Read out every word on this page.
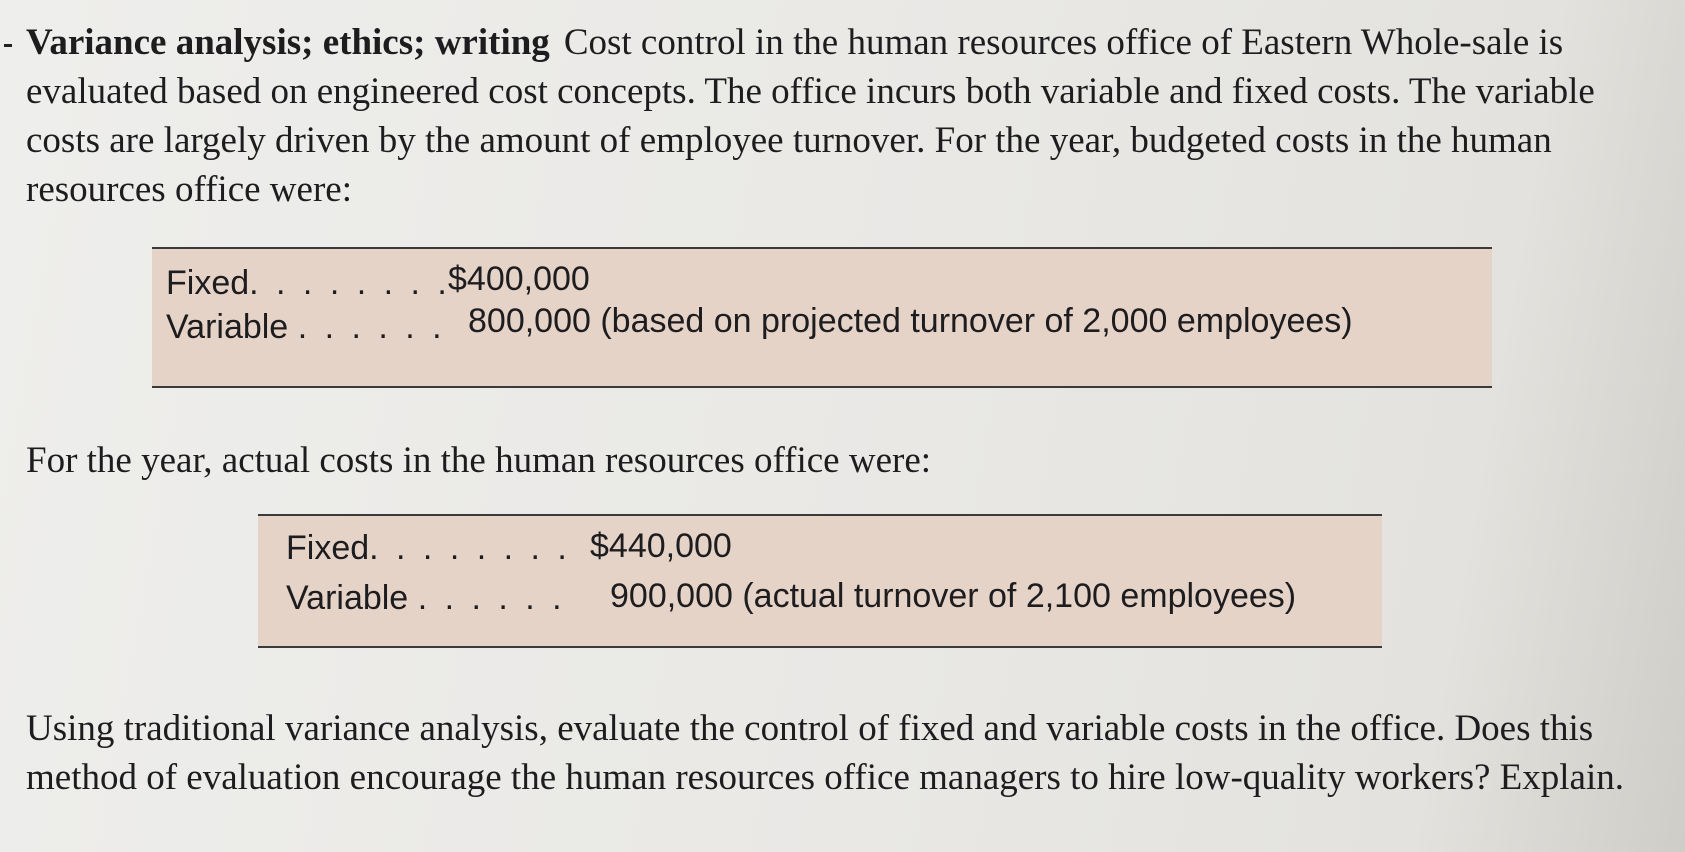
Variance analysis; ethics; writing Cost control in the human resources office of Eastern Whole-sale is evaluated based on engineered cost concepts. The office incurs both variable and fixed costs. The variable costs are largely driven by the amount of employee turnover. For the year, budgeted costs in the human resources office were:
Fixed. . . . . . . .
$400,000
Variable . . . . . . 800,000 (based on projected turnover of 2,000 employees)
For the year, actual costs in the human resources office were:
Fixed. . . . . . . . $440,000
Variable . . . . . . 900,000 (actual turnover of 2,100 employees)
Using traditional variance analysis, evaluate the control of fixed and variable costs in the office. Does this method of evaluation encourage the human resources office managers to hire low-quality workers? Explain.
